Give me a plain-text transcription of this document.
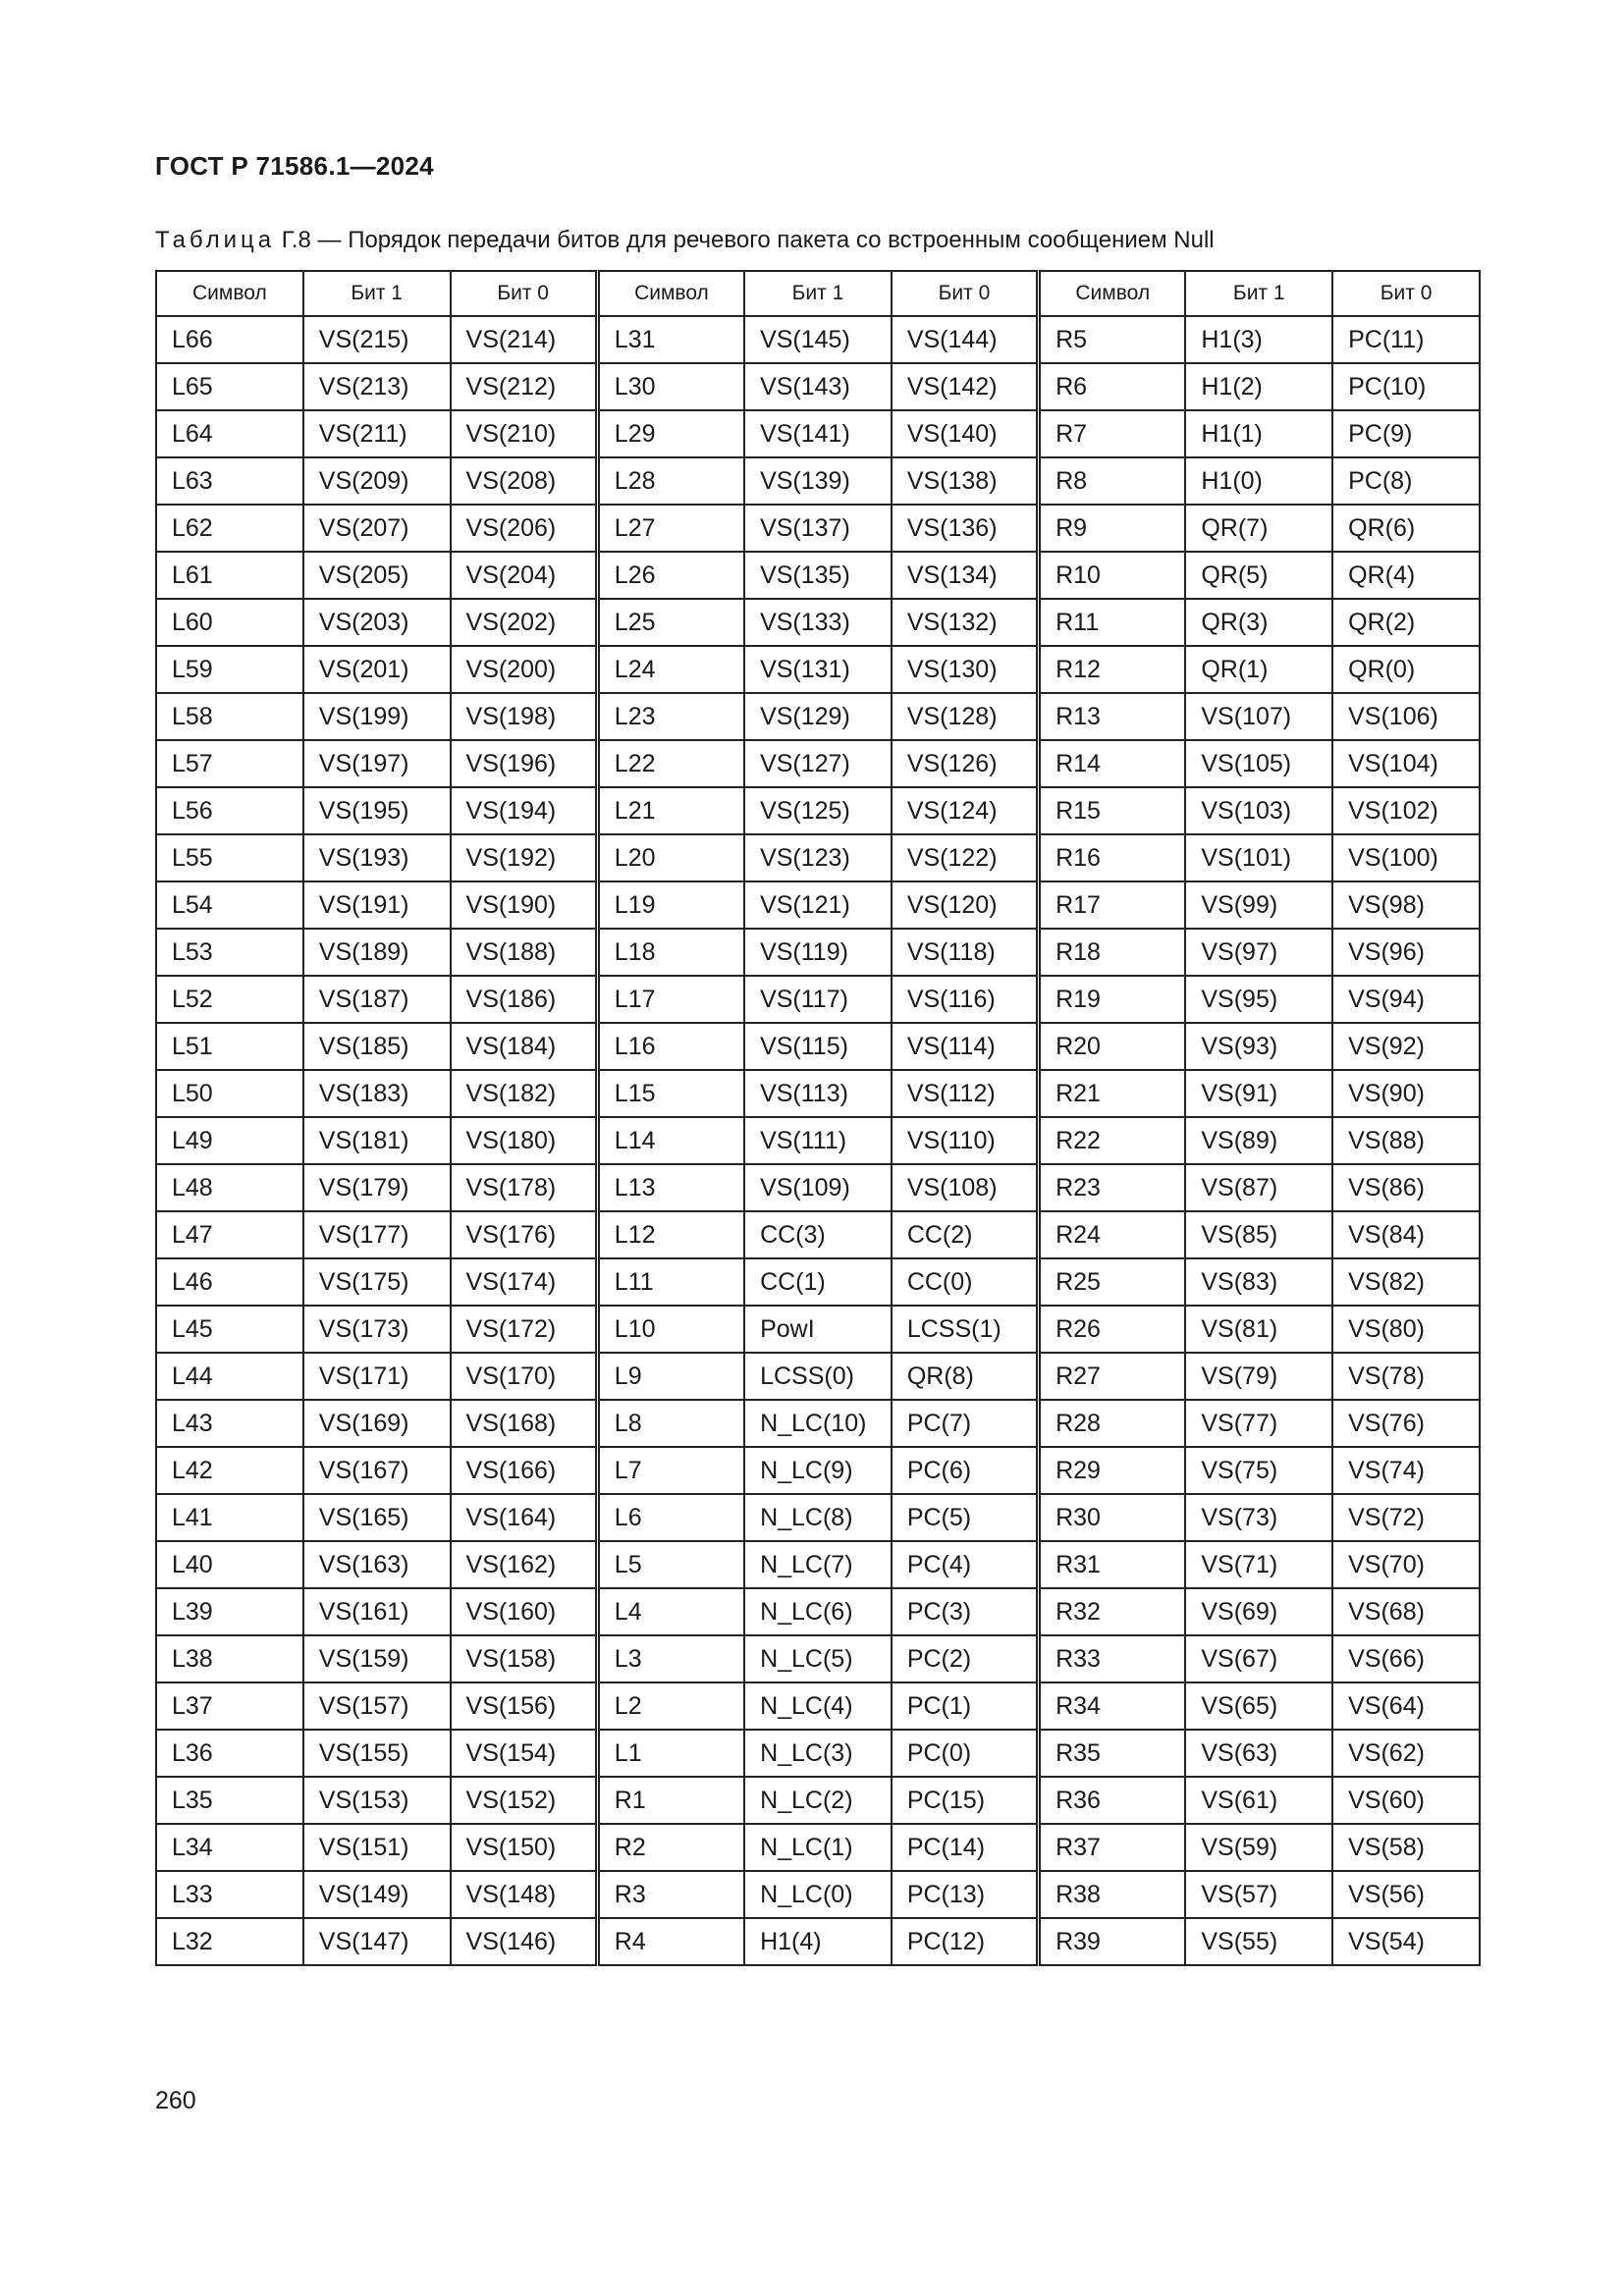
ГОСТ Р 71586.1—2024
Таблица Г.8 — Порядок передачи битов для речевого пакета со встроенным сообщением Null
Символ	Бит 1	Бит 0	Символ	Бит 1	Бит 0	Символ	Бит 1	Бит 0
L66	VS(215)	VS(214)	L31	VS(145)	VS(144)	R5	H1(3)	PC(11)
L65	VS(213)	VS(212)	L30	VS(143)	VS(142)	R6	H1(2)	PC(10)
L64	VS(211)	VS(210)	L29	VS(141)	VS(140)	R7	H1(1)	PC(9)
L63	VS(209)	VS(208)	L28	VS(139)	VS(138)	R8	H1(0)	PC(8)
L62	VS(207)	VS(206)	L27	VS(137)	VS(136)	R9	QR(7)	QR(6)
L61	VS(205)	VS(204)	L26	VS(135)	VS(134)	R10	QR(5)	QR(4)
L60	VS(203)	VS(202)	L25	VS(133)	VS(132)	R11	QR(3)	QR(2)
L59	VS(201)	VS(200)	L24	VS(131)	VS(130)	R12	QR(1)	QR(0)
L58	VS(199)	VS(198)	L23	VS(129)	VS(128)	R13	VS(107)	VS(106)
L57	VS(197)	VS(196)	L22	VS(127)	VS(126)	R14	VS(105)	VS(104)
L56	VS(195)	VS(194)	L21	VS(125)	VS(124)	R15	VS(103)	VS(102)
L55	VS(193)	VS(192)	L20	VS(123)	VS(122)	R16	VS(101)	VS(100)
L54	VS(191)	VS(190)	L19	VS(121)	VS(120)	R17	VS(99)	VS(98)
L53	VS(189)	VS(188)	L18	VS(119)	VS(118)	R18	VS(97)	VS(96)
L52	VS(187)	VS(186)	L17	VS(117)	VS(116)	R19	VS(95)	VS(94)
L51	VS(185)	VS(184)	L16	VS(115)	VS(114)	R20	VS(93)	VS(92)
L50	VS(183)	VS(182)	L15	VS(113)	VS(112)	R21	VS(91)	VS(90)
L49	VS(181)	VS(180)	L14	VS(111)	VS(110)	R22	VS(89)	VS(88)
L48	VS(179)	VS(178)	L13	VS(109)	VS(108)	R23	VS(87)	VS(86)
L47	VS(177)	VS(176)	L12	CC(3)	CC(2)	R24	VS(85)	VS(84)
L46	VS(175)	VS(174)	L11	CC(1)	CC(0)	R25	VS(83)	VS(82)
L45	VS(173)	VS(172)	L10	PowI	LCSS(1)	R26	VS(81)	VS(80)
L44	VS(171)	VS(170)	L9	LCSS(0)	QR(8)	R27	VS(79)	VS(78)
L43	VS(169)	VS(168)	L8	N_LC(10)	PC(7)	R28	VS(77)	VS(76)
L42	VS(167)	VS(166)	L7	N_LC(9)	PC(6)	R29	VS(75)	VS(74)
L41	VS(165)	VS(164)	L6	N_LC(8)	PC(5)	R30	VS(73)	VS(72)
L40	VS(163)	VS(162)	L5	N_LC(7)	PC(4)	R31	VS(71)	VS(70)
L39	VS(161)	VS(160)	L4	N_LC(6)	PC(3)	R32	VS(69)	VS(68)
L38	VS(159)	VS(158)	L3	N_LC(5)	PC(2)	R33	VS(67)	VS(66)
L37	VS(157)	VS(156)	L2	N_LC(4)	PC(1)	R34	VS(65)	VS(64)
L36	VS(155)	VS(154)	L1	N_LC(3)	PC(0)	R35	VS(63)	VS(62)
L35	VS(153)	VS(152)	R1	N_LC(2)	PC(15)	R36	VS(61)	VS(60)
L34	VS(151)	VS(150)	R2	N_LC(1)	PC(14)	R37	VS(59)	VS(58)
L33	VS(149)	VS(148)	R3	N_LC(0)	PC(13)	R38	VS(57)	VS(56)
L32	VS(147)	VS(146)	R4	H1(4)	PC(12)	R39	VS(55)	VS(54)
260
